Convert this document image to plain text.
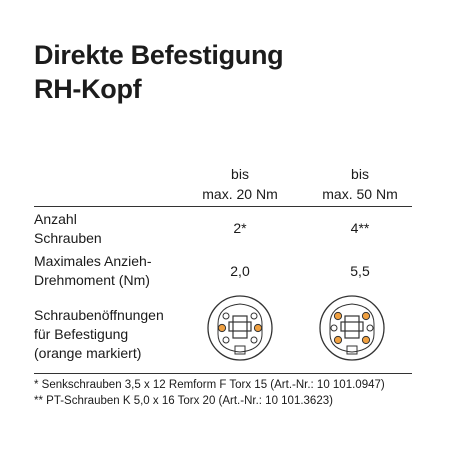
Direkte Befestigung
RH-Kopf
bis
max. 20 Nm
bis
max. 50 Nm
Anzahl
Schrauben
2*	4**
Maximales Anzieh-
Drehmoment (Nm)
2,0	5,5
Schraubenöffnungen
für Befestigung
(orange markiert)
* Senkschrauben 3,5 x 12 Remform F Torx 15 (Art.-Nr.: 10 101.0947)
** PT-Schrauben K 5,0 x 16 Torx 20 (Art.-Nr.: 10 101.3623)
